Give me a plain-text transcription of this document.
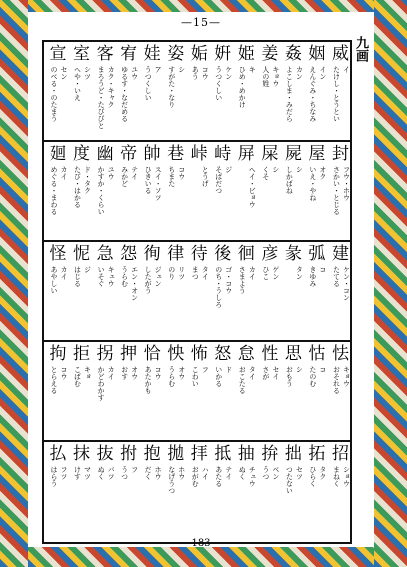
—15—
九画
威
イ
たけし・とうとい
姻
イン
えんぐみ・ちなみ
姦
カン
よこしま・みだら
姜
キョウ
人の姓
姫
キ
ひめ・めかけ
姸
ケン
うつくしい
姤
コウ
あう
姿
シ
すがた・なり
娃
ア
うつくしい
宥
ユウ
ゆるす・なだめる
客
カク・キャク
まろうど・たびびと
室
シツ
へや・いえ
宣
セン
のべる・のたまう
封
フウ・ホウ
さかい・とじる
屋
オク
いえ・やね
屍
シ
しかばね
屎
シ
くそ
屏
ヘイ・ビョウ
峙
ジ
そばだつ
峠
とうげ
巷
コウ
ちまた
帥
スイ・ソツ
ひきいる
帝
テイ
みかど
幽
ユウ
かすか・くらい
度
ド・タク
たび・はかる
廻
カイ
めぐる・まわる
建
ケン・コン
たてる
弧
コ
きゆみ
彖
タン
彦
ゲン
ひこ
徊
カイ
さまよう
後
ゴ・コウ
のち・うしろ
待
タイ
まつ
律
リツ
のり
徇
ジュン
したがう
怨
エン・オン
うらむ
急
キュウ
いそぐ
怩
ジ
はじる
怪
カイ
あやしい
怯
キョウ
おそれる
怙
コ
たのむ
思
シ
おもう
性
セイ
さが
怠
タイ
おこたる
怒
ド
いかる
怖
フ
こわい
怏
オウ
うらむ
恰
コウ
あたかも
押
オウ
おす
拐
カイ
かどわかす
拒
キョ
こばむ
拘
コウ
とらえる
招
ショウ
まねく
拓
タク
ひらく
拙
セツ
つたない
拚
ベン
うつ
抽
チュウ
ぬく
抵
テイ
あたる
拝
ハイ
おがむ
拋
ホウ
なげうつ
抱
ホウ
だく
拊
フ
うつ
抜
バツ
ぬく
抹
マツ
けす
払
フツ
はらう
183
